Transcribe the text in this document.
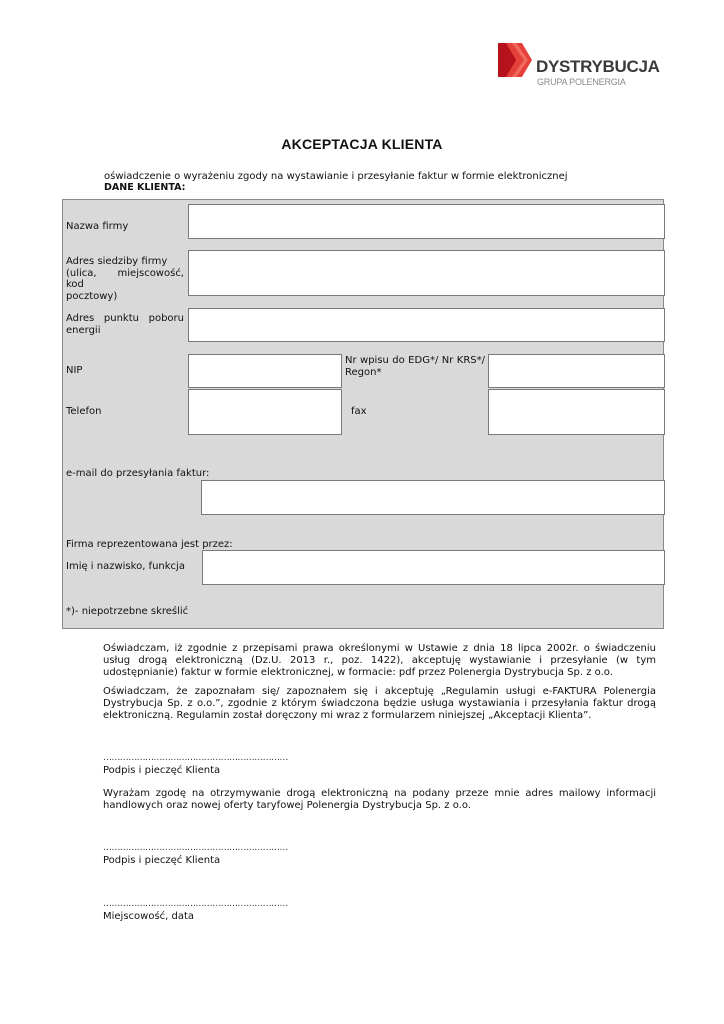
DYSTRYBUCJA
GRUPA POLENERGIA
AKCEPTACJA KLIENTA
oświadczenie o wyrażeniu zgody na wystawianie i przesyłanie faktur w formie elektronicznej
DANE KLIENTA:
Nazwa firmy
Adres siedziby firmy
(ulica, miejscowość, kod
pocztowy)
Adres punktu poboru
energii
NIP
Nr wpisu do EDG*/ Nr KRS*/
Regon*
Telefon	fax
e-mail do przesyłania faktur:
Firma reprezentowana jest przez:
Imię i nazwisko, funkcja
*)- niepotrzebne skreślić
Oświadczam, iż zgodnie z przepisami prawa określonymi w Ustawie z dnia 18 lipca 2002r. o świadczeniu usług drogą elektroniczną (Dz.U. 2013 r., poz. 1422), akceptuję wystawianie i przesyłanie (w tym udostępnianie) faktur w formie elektronicznej, w formacie: pdf przez Polenergia Dystrybucja Sp. z o.o.
Oświadczam, że zapoznałam się/ zapoznałem się i akceptuję „Regulamin usługi e-FAKTURA Polenergia Dystrybucja Sp. z o.o.”, zgodnie z którym świadczona będzie usługa wystawiania i przesyłania faktur drogą elektroniczną. Regulamin został doręczony mi wraz z formularzem niniejszej „Akceptacji Klienta”.
…………………………………………………………
Podpis i pieczęć Klienta
Wyrażam zgodę na otrzymywanie drogą elektroniczną na podany przeze mnie adres mailowy informacji handlowych oraz nowej oferty taryfowej Polenergia Dystrybucja Sp. z o.o.
…………………………………………………………
Podpis i pieczęć Klienta
…………………………………………………………
Miejscowość, data
